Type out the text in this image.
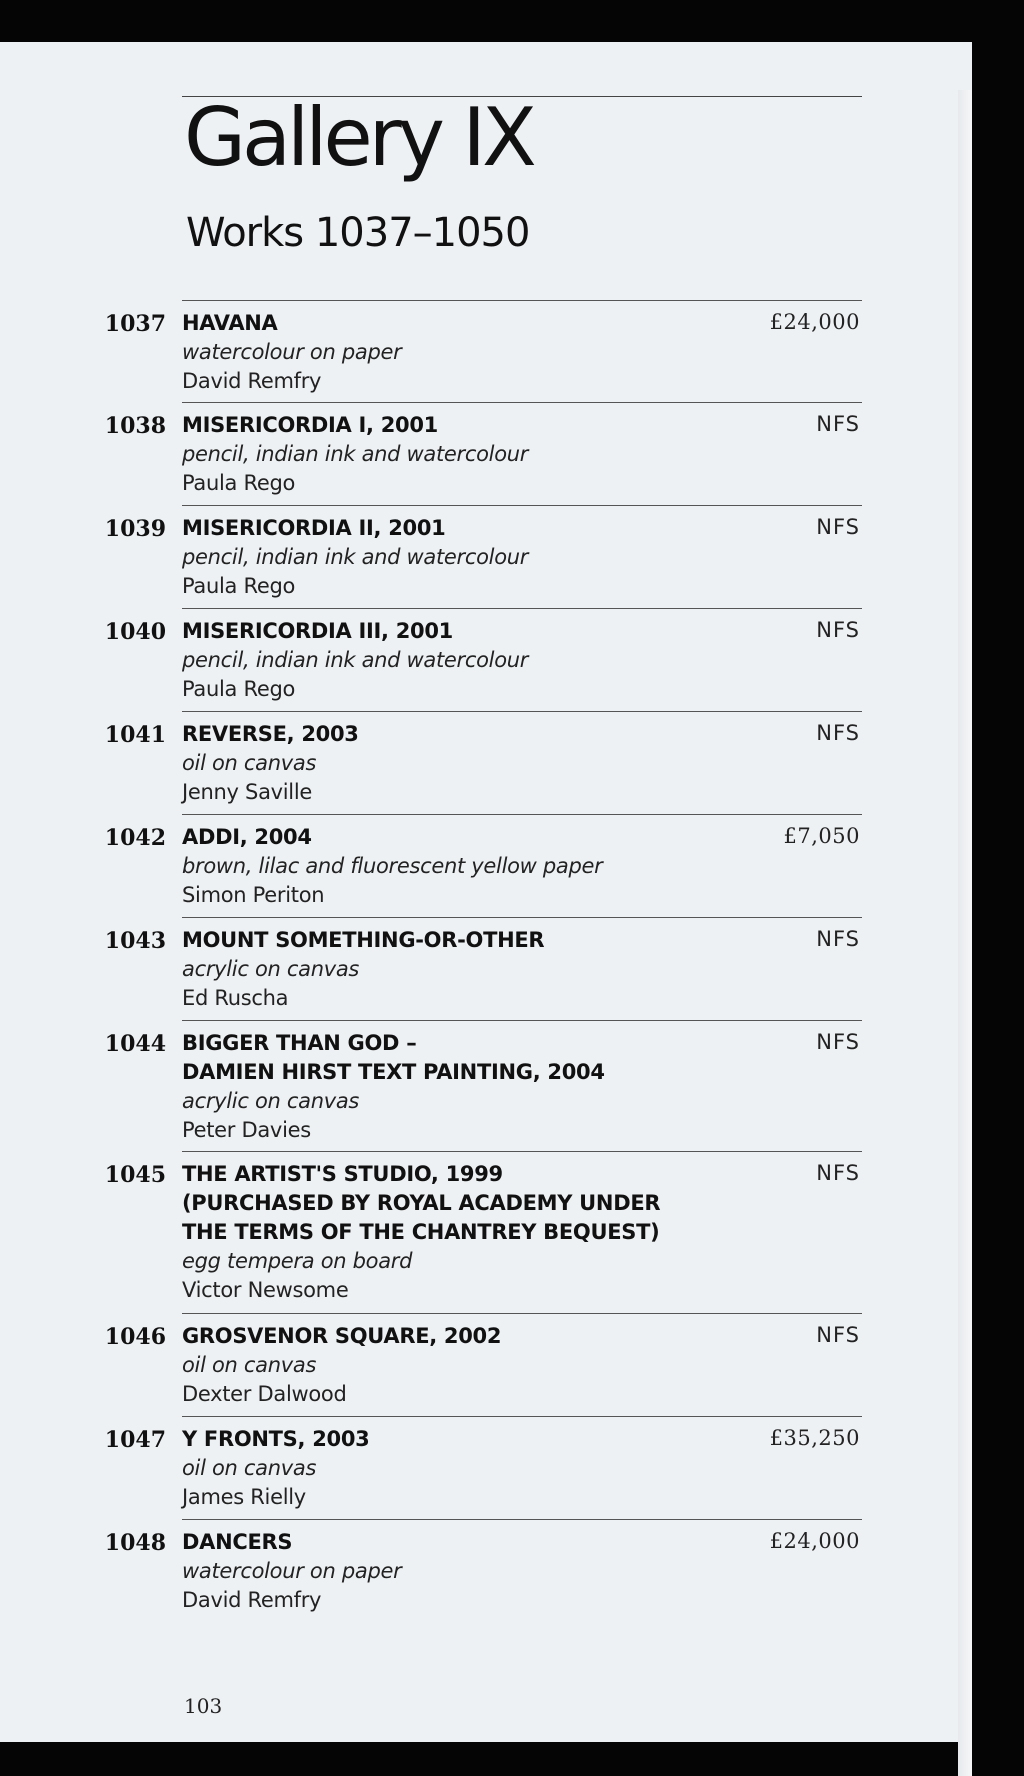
Gallery IX
Works 1037–1050
1037 HAVANA
watercolour on paper
David Remfry
£24,000
1038 MISERICORDIA I, 2001
pencil, indian ink and watercolour
Paula Rego
NFS
1039 MISERICORDIA II, 2001
pencil, indian ink and watercolour
Paula Rego
NFS
1040 MISERICORDIA III, 2001
pencil, indian ink and watercolour
Paula Rego
NFS
1041 REVERSE, 2003
oil on canvas
Jenny Saville
NFS
1042 ADDI, 2004
brown, lilac and fluorescent yellow paper
Simon Periton
£7,050
1043 MOUNT SOMETHING-OR-OTHER
acrylic on canvas
Ed Ruscha
NFS
1044 BIGGER THAN GOD –
DAMIEN HIRST TEXT PAINTING, 2004
acrylic on canvas
Peter Davies
NFS
1045 THE ARTIST'S STUDIO, 1999
(PURCHASED BY ROYAL ACADEMY UNDER
THE TERMS OF THE CHANTREY BEQUEST)
egg tempera on board
Victor Newsome
NFS
1046 GROSVENOR SQUARE, 2002
oil on canvas
Dexter Dalwood
NFS
1047 Y FRONTS, 2003
oil on canvas
James Rielly
£35,250
1048 DANCERS
watercolour on paper
David Remfry
£24,000
103
